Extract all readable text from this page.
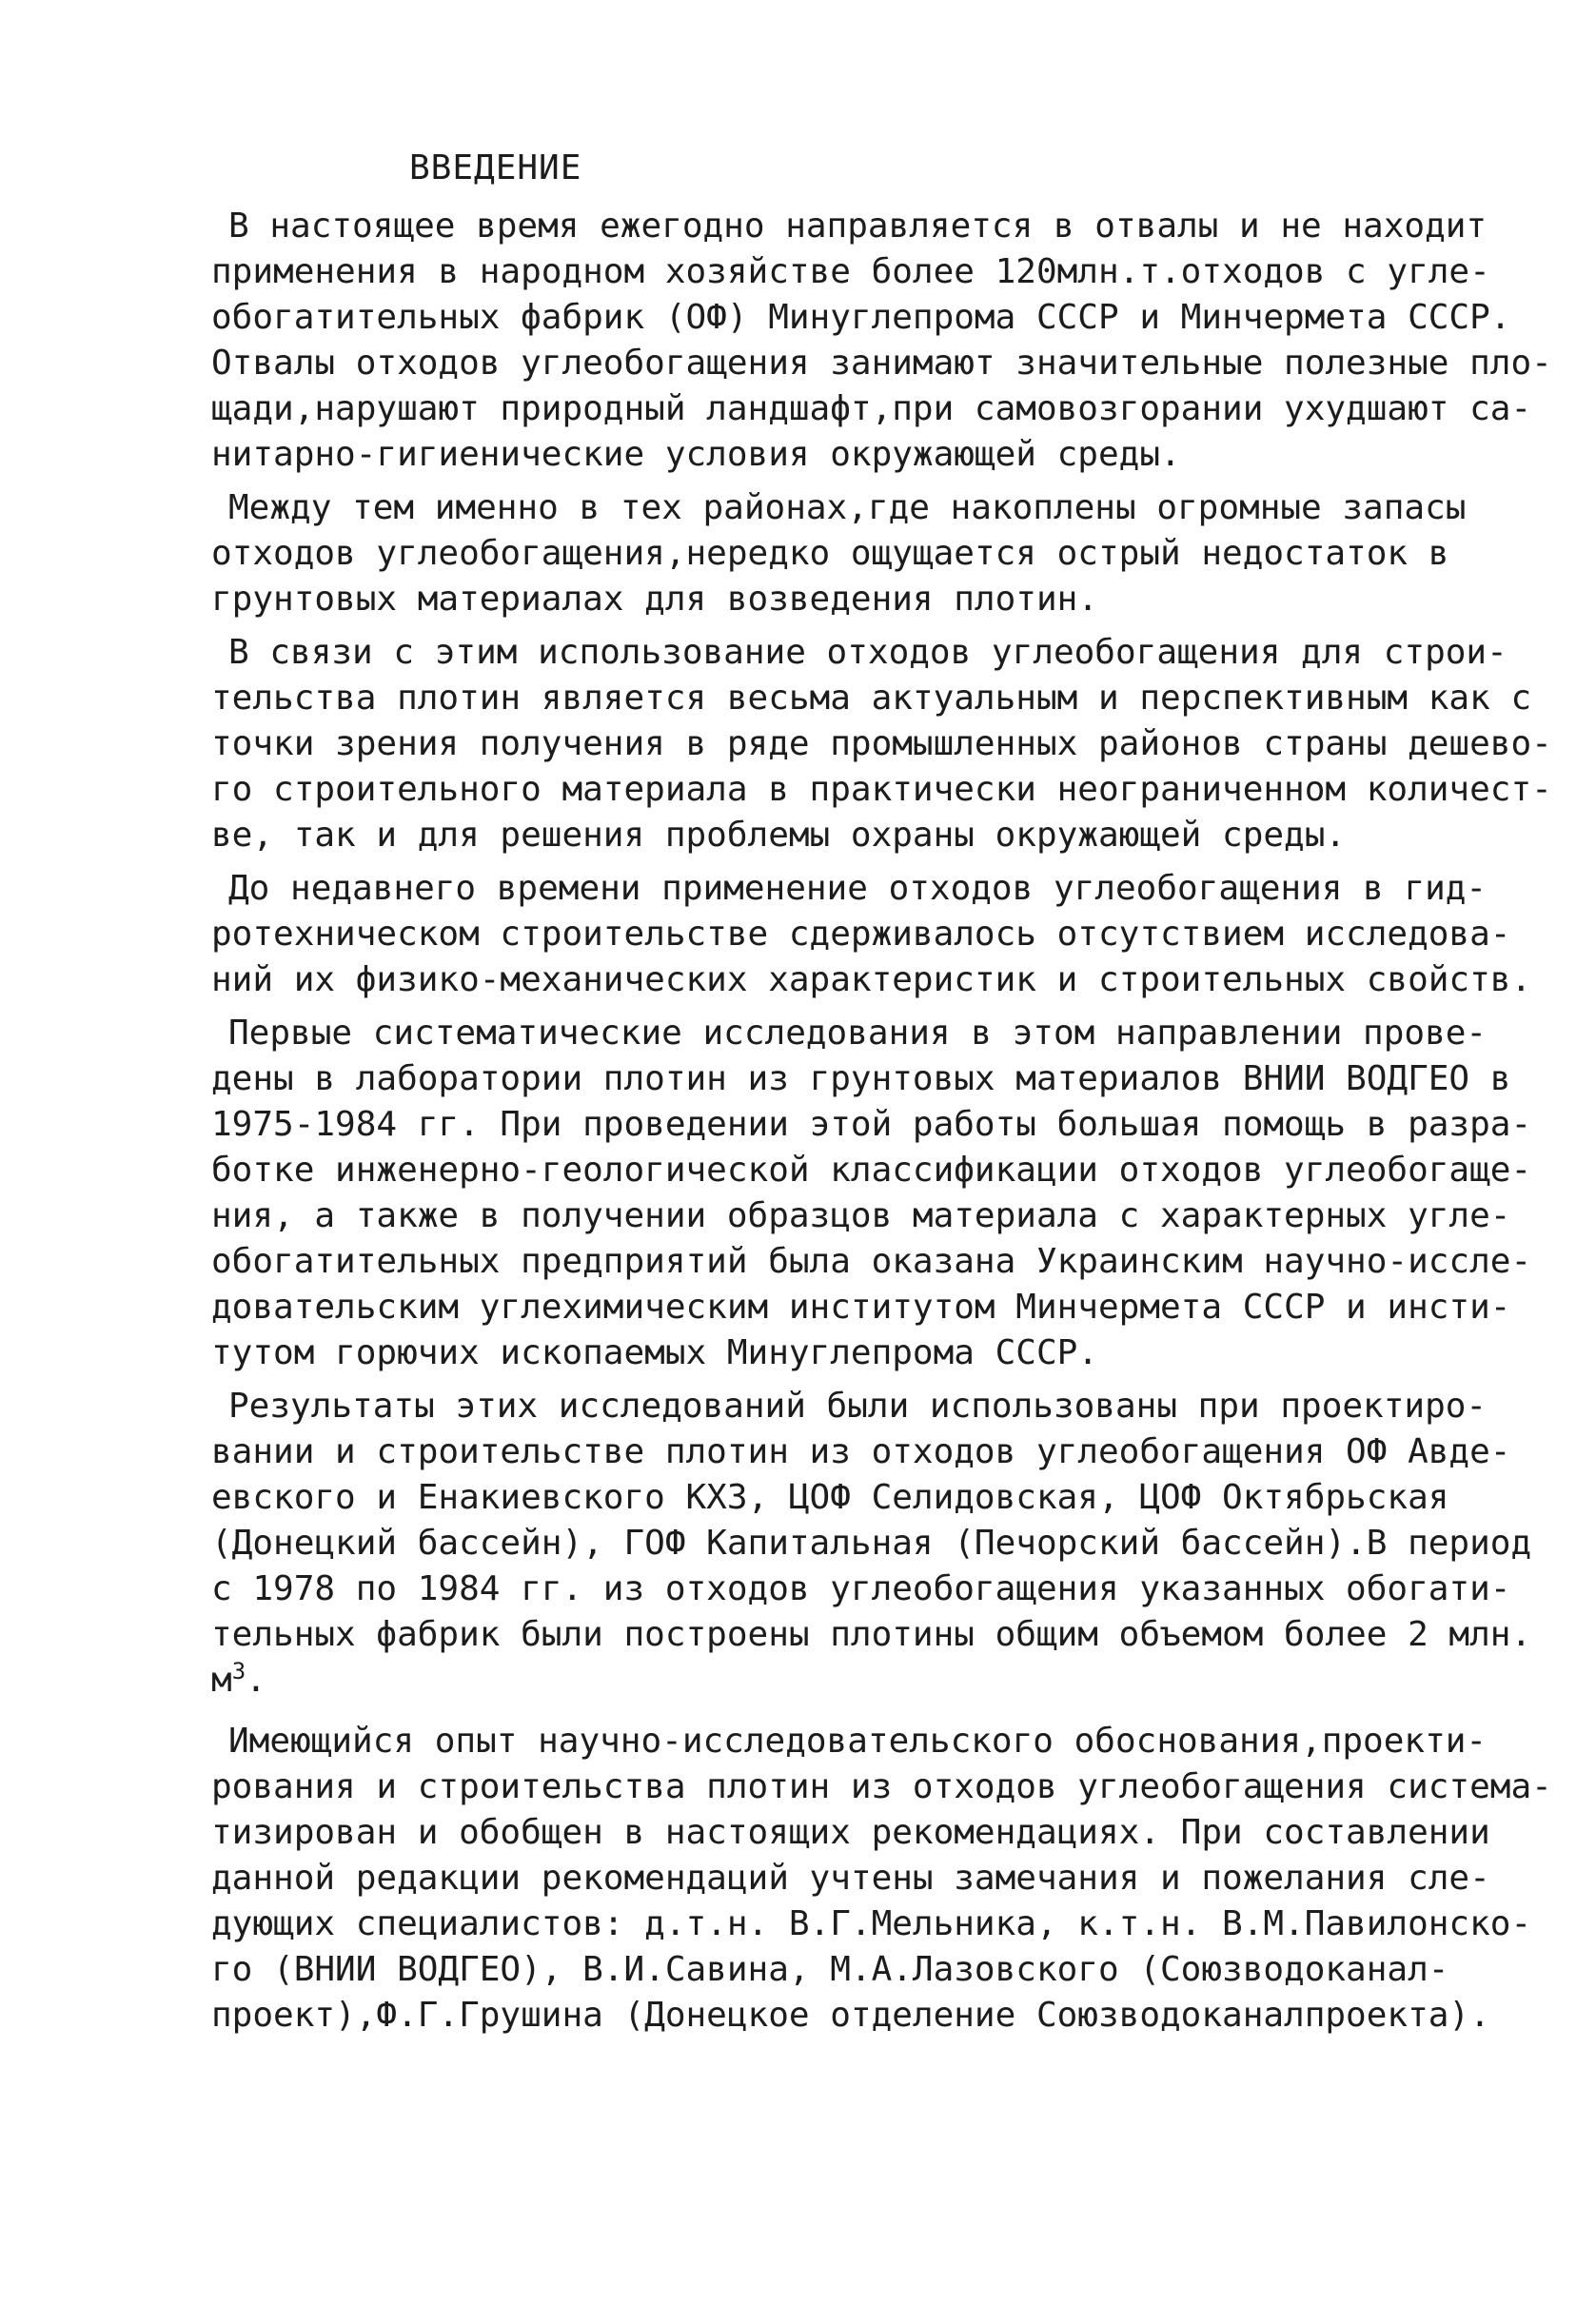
ВВЕДЕНИЕ

В настоящее время ежегодно направляется в отвалы и не находит

применения в народном хозяйстве более 120млн.т.отходов с угле-

обогатительных фабрик (ОФ) Минуглепрома СССР и Минчермета СССР.

Отвалы отходов углеобогащения занимают значительные полезные пло-

щади,нарушают природный ландшафт,при самовозгорании ухудшают са-

нитарно-гигиенические условия окружающей среды.

Между тем именно в тех районах,где накоплены огромные запасы

отходов углеобогащения,нередко ощущается острый недостаток в

грунтовых материалах для возведения плотин.

В связи с этим использование отходов углеобогащения для строи-

тельства плотин является весьма актуальным и перспективным как с

точки зрения получения в ряде промышленных районов страны дешево-

го строительного материала в практически неограниченном количест-

ве, так и для решения проблемы охраны окружающей среды.

До недавнего времени применение отходов углеобогащения в гид-

ротехническом строительстве сдерживалось отсутствием исследова-

ний их физико-механических характеристик и строительных свойств.

Первые систематические исследования в этом направлении прове-

дены в лаборатории плотин из грунтовых материалов ВНИИ ВОДГЕО в

1975-1984 гг. При проведении этой работы большая помощь в разра-

ботке инженерно-геологической классификации отходов углеобогаще-

ния, а также в получении образцов материала с характерных угле-

обогатительных предприятий была оказана Украинским научно-иссле-

довательским углехимическим институтом Минчермета СССР и инсти-

тутом горючих ископаемых Минуглепрома СССР.

Результаты этих исследований были использованы при проектиро-

вании и строительстве плотин из отходов углеобогащения ОФ Авде-

евского и Енакиевского КХЗ, ЦОФ Селидовская, ЦОФ Октябрьская

(Донецкий бассейн), ГОФ Капитальная (Печорский бассейн).В период

с 1978 по 1984 гг. из отходов углеобогащения указанных обогати-

тельных фабрик были построены плотины общим объемом более 2 млн.

$м^3$.

Имеющийся опыт научно-исследовательского обоснования,проекти-

рования и строительства плотин из отходов углеобогащения система-

тизирован и обобщен в настоящих рекомендациях. При составлении

данной редакции рекомендаций учтены замечания и пожелания сле-

дующих специалистов: д.т.н. В.Г.Мельника, к.т.н. В.М.Павилонско-

го (ВНИИ ВОДГЕО), В.И.Савина, М.А.Лазовского (Союзводоканал-

проект),Ф.Г.Грушина (Донецкое отделение Союзводоканалпроекта).
